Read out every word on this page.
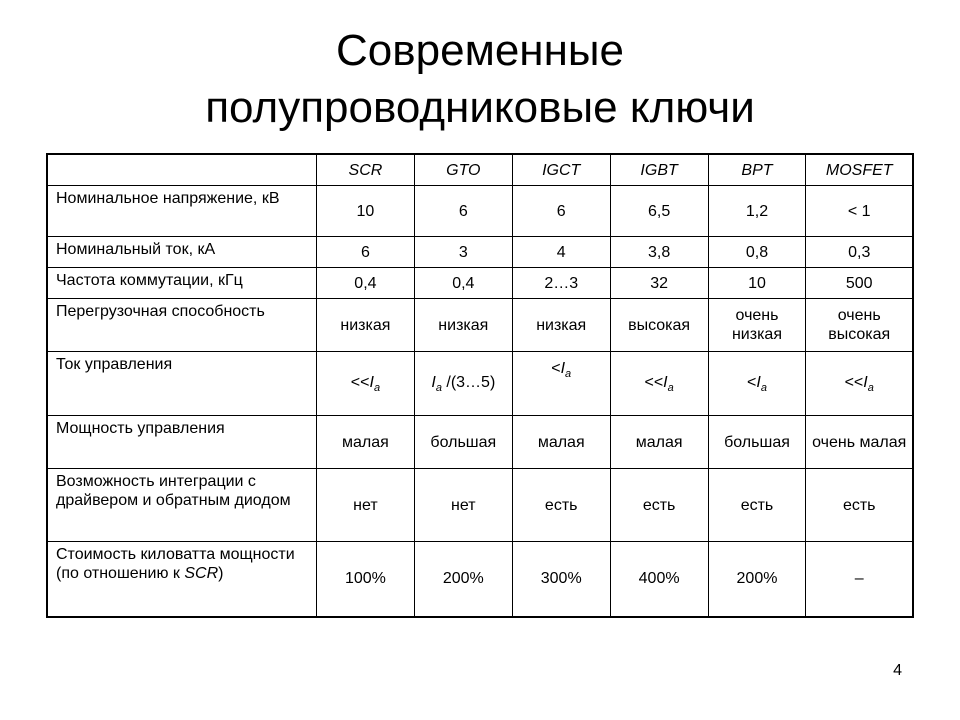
Современные
полупроводниковые ключи
	SCR	GTO	IGCT	IGBT	BPT	MOSFET
Номинальное напряжение, кВ	10	6	6	6,5	1,2	< 1
Номинальный ток, кА	6	3	4	3,8	0,8	0,3
Частота коммутации, кГц	0,4	0,4	2…3	32	10	500
Перегрузочная способность	низкая	низкая	низкая	высокая	очень низкая	очень высокая
Ток управления	$<<I_a$	$I_a$ /(3…5)	$<I_a$	$<<I_a$	$<I_a$	$<<I_a$
Мощность управления	малая	большая	малая	малая	большая	очень малая
Возможность интеграции с драйвером и обратным диодом	нет	нет	есть	есть	есть	есть
Стоимость киловатта мощности (по отношению к SCR)	100%	200%	300%	400%	200%	–
4
